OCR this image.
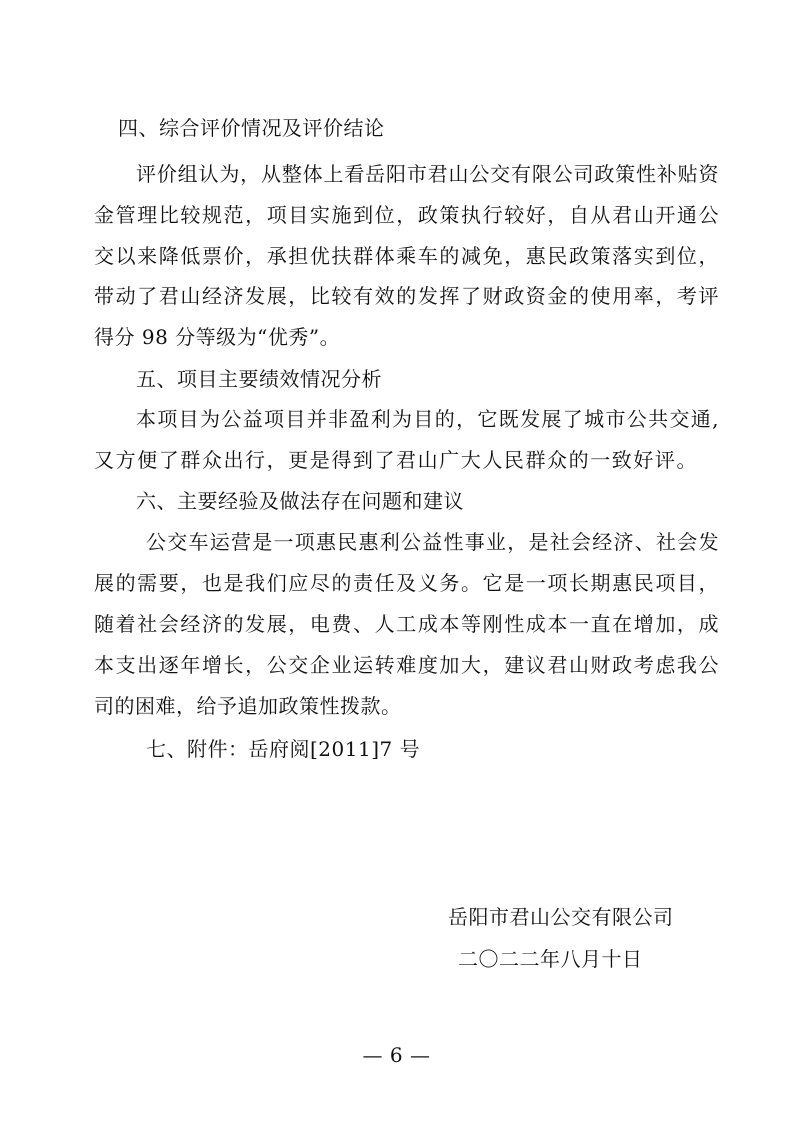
四、综合评价情况及评价结论
评价组认为，从整体上看岳阳市君山公交有限公司政策性补贴资
金管理比较规范，项目实施到位，政策执行较好，自从君山开通公
交以来降低票价，承担优扶群体乘车的减免，惠民政策落实到位，
带动了君山经济发展，比较有效的发挥了财政资金的使用率，考评
得分 98 分等级为“优秀”。
五、项目主要绩效情况分析
本项目为公益项目并非盈利为目的，它既发展了城市公共交通,
又方便了群众出行，更是得到了君山广大人民群众的一致好评。
六、主要经验及做法存在问题和建议
公交车运营是一项惠民惠利公益性事业，是社会经济、社会发
展的需要，也是我们应尽的责任及义务。它是一项长期惠民项目，
随着社会经济的发展，电费、人工成本等刚性成本一直在增加，成
本支出逐年增长，公交企业运转难度加大，建议君山财政考虑我公
司的困难，给予追加政策性拨款。
七、附件：岳府阅[2011]7 号
岳阳市君山公交有限公司
二〇二二年八月十日
— 6 —
